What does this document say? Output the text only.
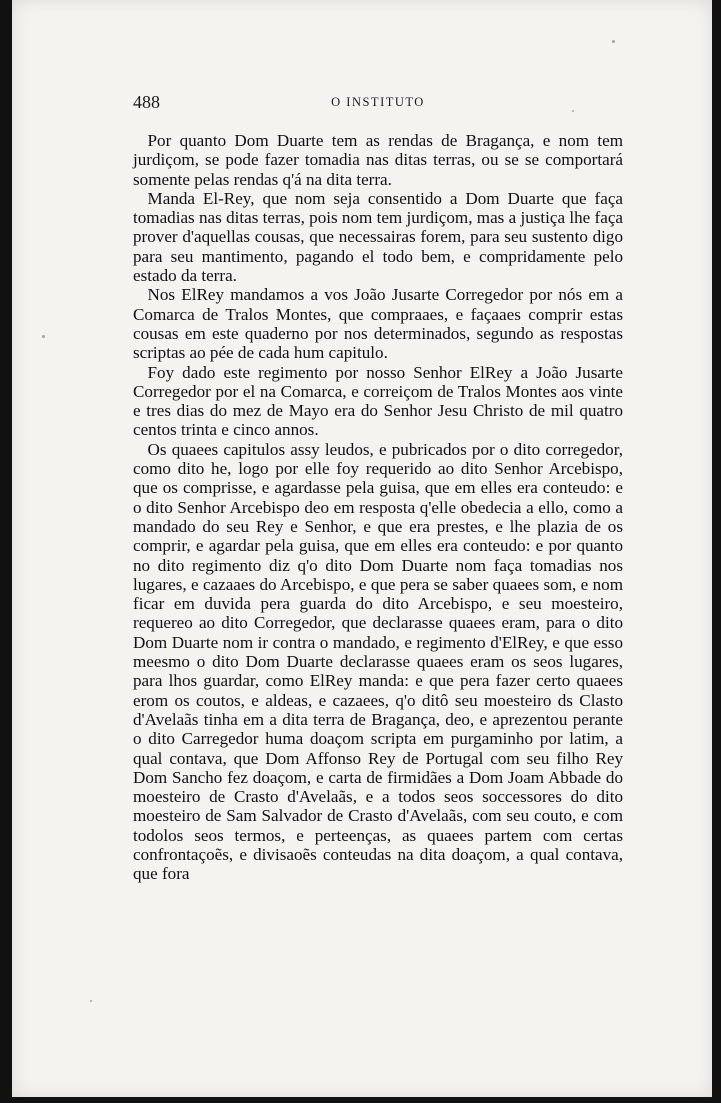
488	O INSTITUTO

Por quanto Dom Duarte tem as rendas de Bragança, e nom tem jurdiçom, se pode fazer tomadia nas ditas terras, ou se se comportará somente pelas rendas q'á na dita terra.

Manda El-Rey, que nom seja consentido a Dom Duarte que faça tomadias nas ditas terras, pois nom tem jurdiçom, mas a justiça lhe faça prover d'aquellas cousas, que necessairas forem, para seu sustento digo para seu mantimento, pagando el todo bem, e compridamente pelo estado da terra.

Nos ElRey mandamos a vos João Jusarte Corregedor por nós em a Comarca de Tralos Montes, que compraaes, e façaaes comprir estas cousas em este quaderno por nos determinados, segundo as respostas scriptas ao pée de cada hum capitulo.

Foy dado este regimento por nosso Senhor ElRey a João Jusarte Corregedor por el na Comarca, e correiçom de Tralos Montes aos vinte e tres dias do mez de Mayo era do Senhor Jesu Christo de mil quatro centos trinta e cinco annos.

Os quaees capitulos assy leudos, e pubricados por o dito corregedor, como dito he, logo por elle foy requerido ao dito Senhor Arcebispo, que os comprisse, e agardasse pela guisa, que em elles era conteudo: e o dito Senhor Arcebispo deo em resposta q'elle obedecia a ello, como a mandado do seu Rey e Senhor, e que era prestes, e lhe plazia de os comprir, e agardar pela guisa, que em elles era conteudo: e por quanto no dito regimento diz q'o dito Dom Duarte nom faça tomadias nos lugares, e cazaaes do Arcebispo, e que pera se saber quaees som, e nom ficar em duvida pera guarda do dito Arcebispo, e seu moesteiro, requereo ao dito Corregedor, que declarasse quaees eram, para o dito Dom Duarte nom ir contra o mandado, e regimento d'ElRey, e que esso meesmo o dito Dom Duarte declarasse quaees eram os seos lugares, para lhos guardar, como ElRey manda: e que pera fazer certo quaees erom os coutos, e aldeas, e cazaees, q'o ditô seu moesteiro ds Clasto d'Avelaãs tinha em a dita terra de Bragança, deo, e aprezentou perante o dito Carregedor huma doaçom scripta em purgaminho por latim, a qual contava, que Dom Affonso Rey de Portugal com seu filho Rey Dom Sancho fez doaçom, e carta de firmidães a Dom Joam Abbade do moesteiro de Crasto d'Avelaãs, e a todos seos soccessores do dito moesteiro de Sam Salvador de Crasto d'Avelaãs, com seu couto, e com todolos seos termos, e perteenças, as quaees partem com certas confrontaçoẽs, e divisaoẽs conteudas na dita doaçom, a qual contava, que fora
